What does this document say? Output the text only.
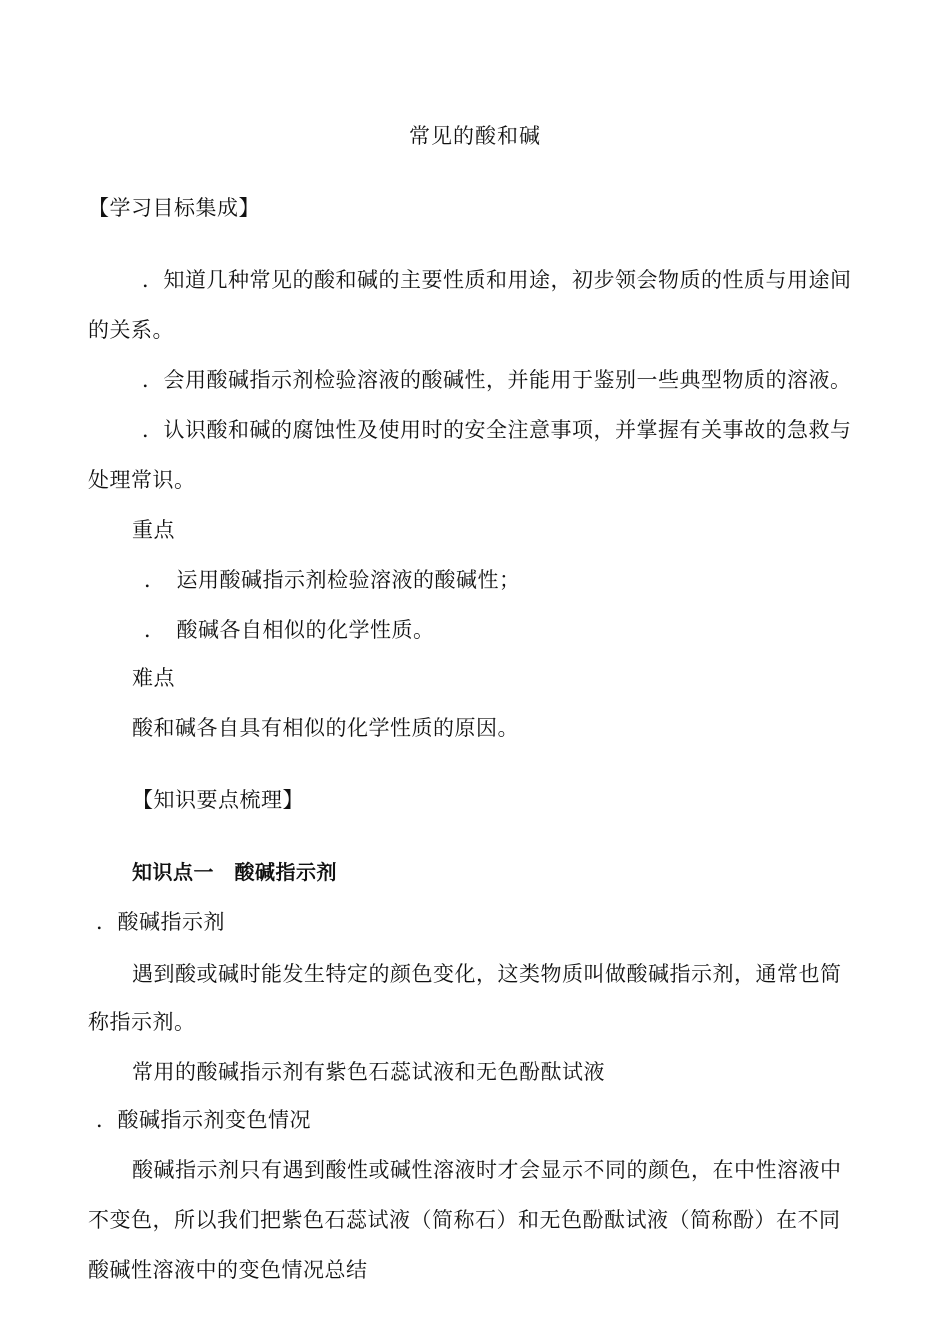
常见的酸和碱
【学习目标集成】
．知道几种常见的酸和碱的主要性质和用途，初步领会物质的性质与用途间
的关系。
．会用酸碱指示剂检验溶液的酸碱性，并能用于鉴别一些典型物质的溶液。
．认识酸和碱的腐蚀性及使用时的安全注意事项，并掌握有关事故的急救与
处理常识。
重点
．　运用酸碱指示剂检验溶液的酸碱性；
．　酸碱各自相似的化学性质。
难点
酸和碱各自具有相似的化学性质的原因。
【知识要点梳理】
知识点一　酸碱指示剂
．酸碱指示剂
遇到酸或碱时能发生特定的颜色变化，这类物质叫做酸碱指示剂，通常也简
称指示剂。
常用的酸碱指示剂有紫色石蕊试液和无色酚酞试液
．酸碱指示剂变色情况
酸碱指示剂只有遇到酸性或碱性溶液时才会显示不同的颜色，在中性溶液中
不变色，所以我们把紫色石蕊试液（简称石）和无色酚酞试液（简称酚）在不同
酸碱性溶液中的变色情况总结
